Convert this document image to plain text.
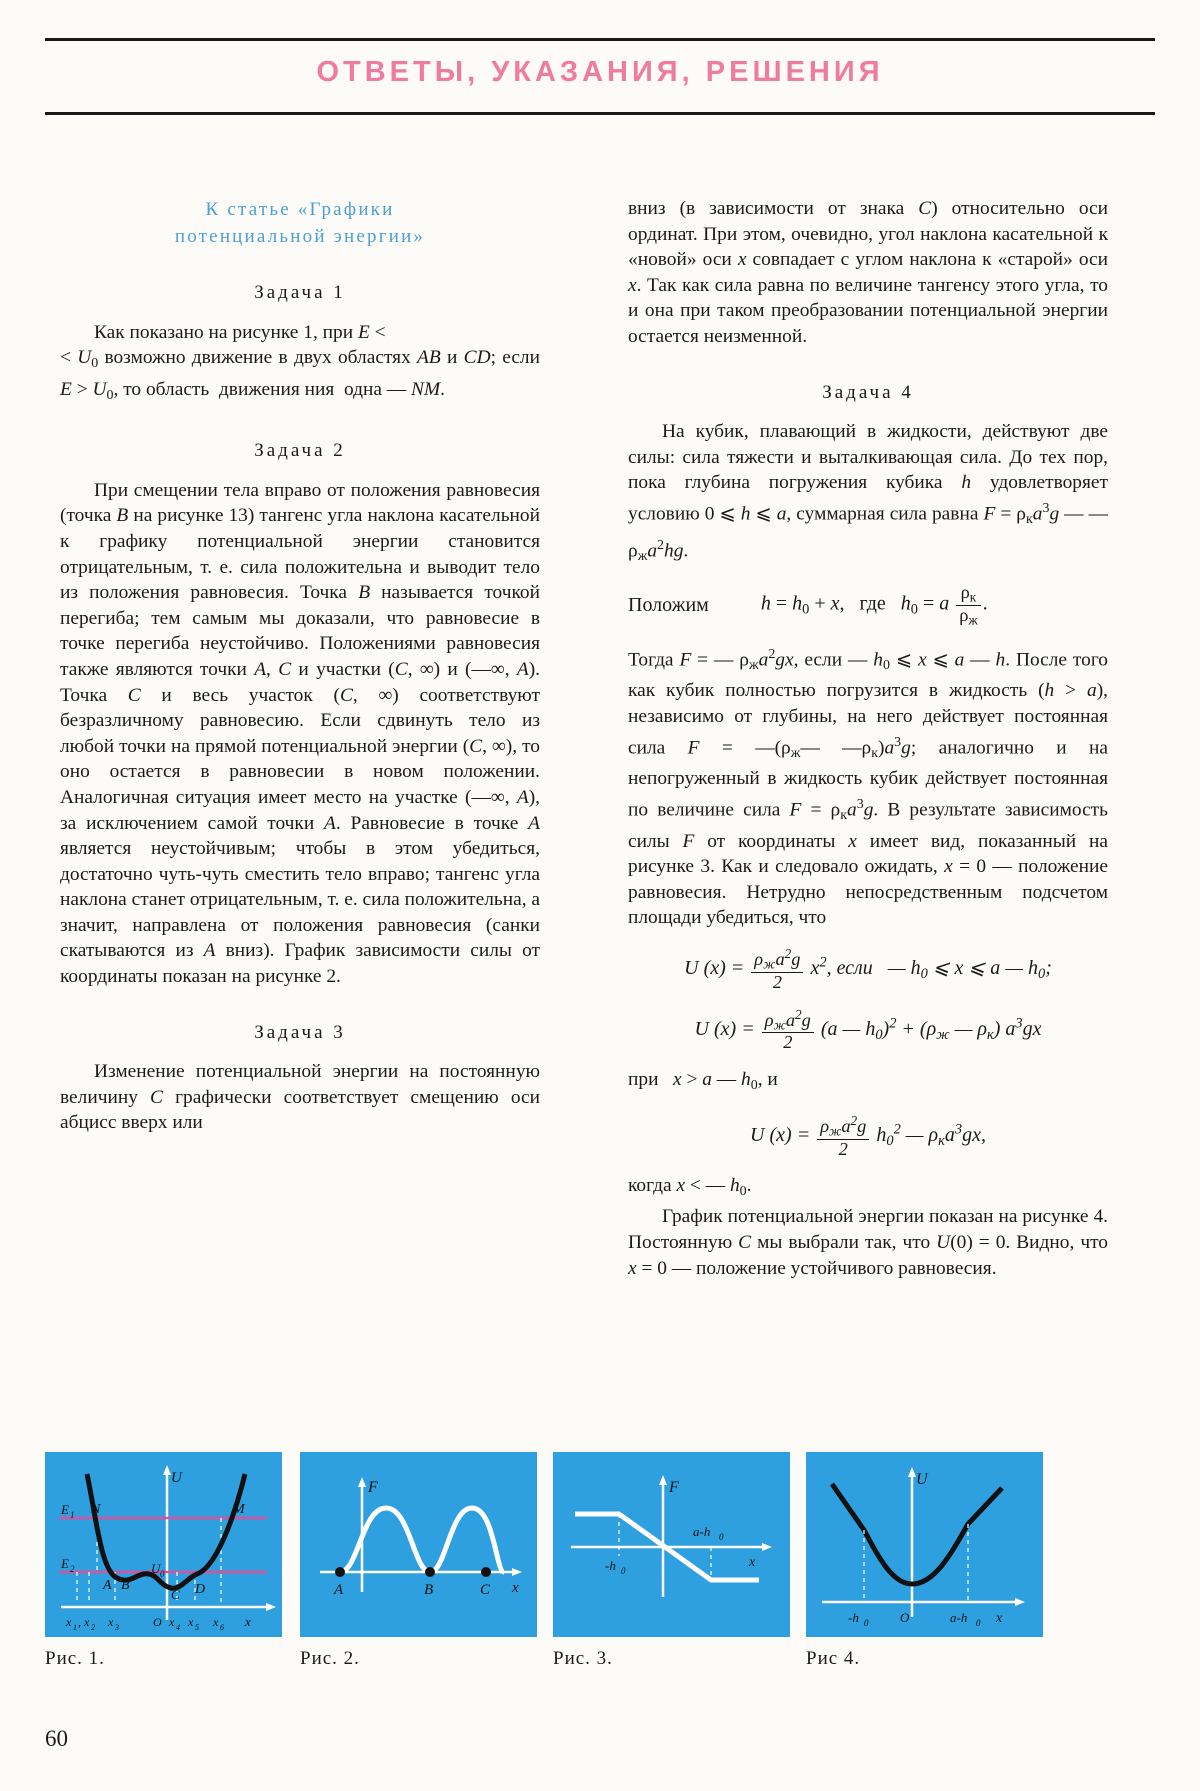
ОТВЕТЫ, УКАЗАНИЯ, РЕШЕНИЯ
К статье «Графики
потенциальной энергии»
Задача 1

Как показано на рисунке 1, при E <
< $U_0$ возможно движение в двух областях AB и CD; если $E > U_0$, то область  движения ния  одна — NM.

Задача 2

При смещении тела вправо от положения равновесия (точка B на рисунке 13) тангенс угла наклона касательной к графику потенциальной энергии становится отрицательным, т. е. сила положительна и выводит тело из положения равновесия. Точка B называется точкой перегиба; тем самым мы доказали, что равновесие в точке перегиба неустойчиво. Положениями равновесия также являются точки A, C и участки (C, ∞) и (—∞, A). Точка C и весь участок (C, ∞) соответствуют безразличному равновесию. Если сдвинуть тело из любой точки на прямой потенциальной энергии (C, ∞), то оно остается в равновесии в новом положении. Аналогичная ситуация имеет место на участке (—∞, A), за исключением самой точки A. Равновесие в точке A является неустойчивым; чтобы в этом убедиться, достаточно чуть-чуть сместить тело вправо; тангенс угла наклона станет отрицательным, т. е. сила положительна, а значит, направлена от положения равновесия (санки скатываются из A вниз). График зависимости силы от координаты показан на рисунке 2.

Задача 3

Изменение потенциальной энергии на постоянную величину C графически соответствует смещению оси абцисс вверх или

вниз (в зависимости от знака C) относительно оси ординат. При этом, очевидно, угол наклона касательной к «новой» оси x совпадает с углом наклона к «старой» оси x. Так как сила равна по величине тангенсу этого угла, то и она при таком преобразовании потенциальной энергии остается неизменной.

Задача 4

На кубик, плавающий в жидкости, действуют две силы: сила тяжести и выталкивающая сила. До тех пор, пока глубина погружения кубика h удовлетворяет условию 0 ⩽ h ⩽ a, суммарная сила равна $F = \rho_кa^3g$ — — $\rho_жa^2hg$.

Положим	$h = h_0 + x$,   где   $h_0 = a \frac{\rho_к}{\rho_ж}$ .

Тогда F = — $\rho_жa^2gx$, если — $h_0$ ⩽ x ⩽ a — h. После того как кубик полностью погрузится в жидкость (h > a), независимо от глубины, на него действует постоянная сила $F = —(\rho_ж—$ $—\rho_к)a^3g$; аналогично и на непогруженный в жидкость кубик действует постоянная по величине сила $F = \rho_кa^3g$. В результате зависимость силы F от координаты x имеет вид, показанный на рисунке 3. Как и следовало ожидать, x = 0 — положение равновесия. Нетрудно непосредственным подсчетом площади убедиться, что

U $(x) = \frac{\rho_жa^2g}{2} x^2$, если   — $h_0$ ⩽ x ⩽ a — $h_0$;
U $(x) = \frac{\rho_жa^2g}{2} (a$ — $h_0)^2 + (\rho_ж$ — $\rho_к$) $a^3gx$

при   x > a — $h_0$, и

U $(x) = \frac{\rho_жa^2g}{2} h_0^2$ — $\rho_кa^3gx$,

когда x < — $h_0$.

График потенциальной энергии показан на рисунке 4. Постоянную C мы выбрали так, что U(0) = 0. Видно, что x = 0 — положение устойчивого равновесия.

U
E 1
E 2
N	M
A B
C D
U 0
x 1 , x 2 x 3	O x 4 x 5 x 6 x
F
A	B	C x
F
-h 0
a-h 0
x
U
-h 0 O	a-h 0 x
Рис. 1.	Рис. 2.	Рис. 3.	Рис 4.
60
